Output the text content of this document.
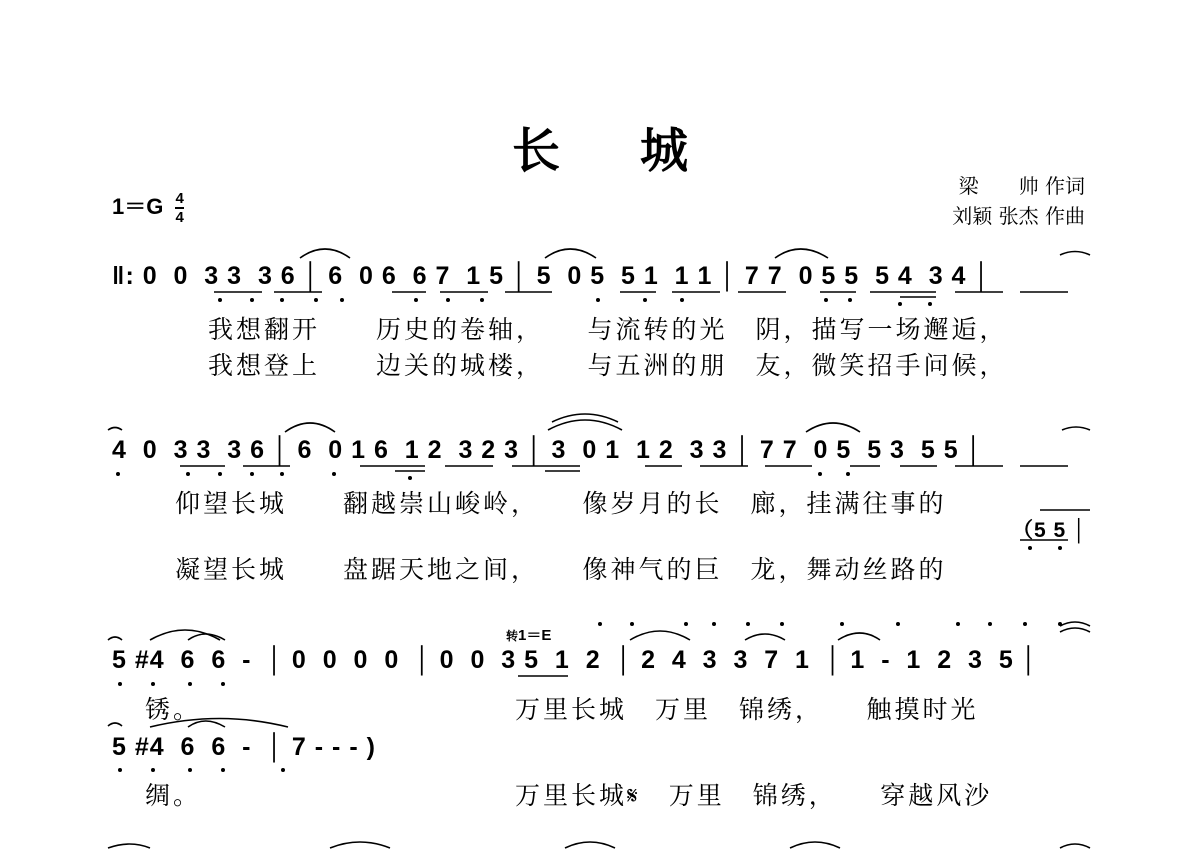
长 城
$1=G \frac{4}{4}$
梁　　帅 作词
刘颖 张杰 作曲
‖: 0  0  3 3  3 6 │ 6  0 6  6 7  1 5 │ 5  0 5  5 1  1 1 │ 7 7  0 5 5  5 4  3 4 │
我想翻开　　历史的卷轴，　　与流转的光　阴，描写一场邂逅，
我想登上　　边关的城楼，　　与五洲的朋　友，微笑招手问候，
4  0  3 3  3 6 │ 6  0 1 6  1 2  3 2 3 │ 3  0 1  1 2  3 3 │ 7 7  0 5  5 3  5 5 │
仰望长城　　翻越崇山峻岭，　　像岁月的长　廊，挂满往事的
（5 5 │
凝望长城　　盘踞天地之间，　　像神气的巨　龙，舞动丝路的
转1＝E
5 #4  6  6  -  │ 0  0  0  0  │ 0  0  3 5  1  2  │ 2  4  3  3  7  1  │ 1  -  1  2  3  5 │
锈。	万里长城　万里　锦绣，　　触摸时光
5 #4  6  6  -  │ 7 - - - )
绸。	万里长城𝄋　万里　锦绣，　　穿越风沙
